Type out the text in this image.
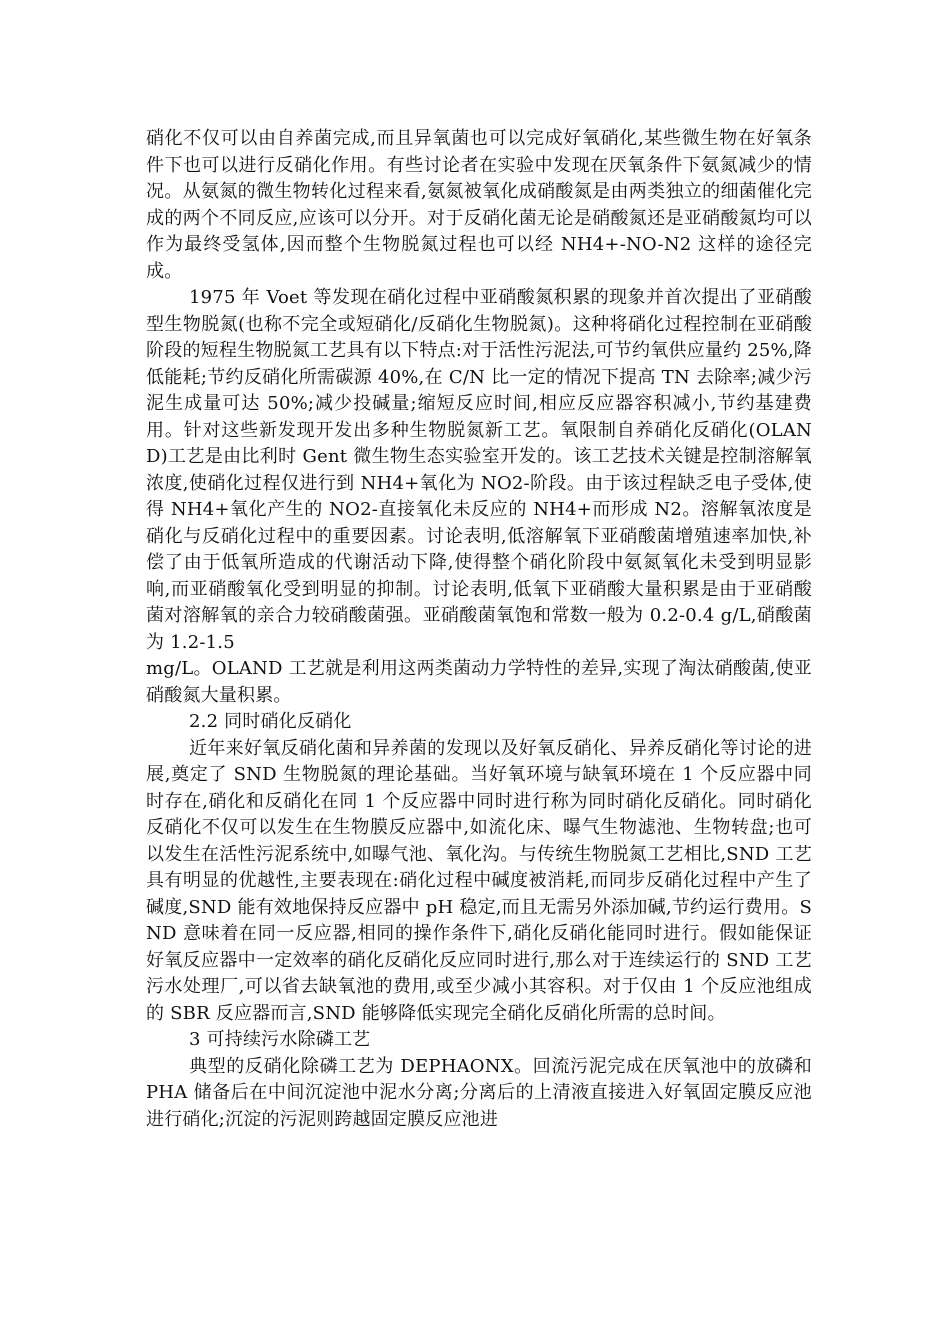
硝化不仅可以由自养菌完成,而且异氧菌也可以完成好氧硝化,某些微生物在好氧条件下也可以进行反硝化作用。有些讨论者在实验中发现在厌氧条件下氨氮减少的情况。从氨氮的微生物转化过程来看,氨氮被氧化成硝酸氮是由两类独立的细菌催化完成的两个不同反应,应该可以分开。对于反硝化菌无论是硝酸氮还是亚硝酸氮均可以作为最终受氢体,因而整个生物脱氮过程也可以经 NH4+-NO-N2 这样的途径完成。

1975 年 Voet 等发现在硝化过程中亚硝酸氮积累的现象并首次提出了亚硝酸型生物脱氮(也称不完全或短硝化/反硝化生物脱氮)。这种将硝化过程控制在亚硝酸阶段的短程生物脱氮工艺具有以下特点:对于活性污泥法,可节约氧供应量约 25%,降低能耗;节约反硝化所需碳源 40%,在 C/N 比一定的情况下提高 TN 去除率;减少污泥生成量可达 50%;减少投碱量;缩短反应时间,相应反应器容积减小,节约基建费用。针对这些新发现开发出多种生物脱氮新工艺。氧限制自养硝化反硝化(OLAND)工艺是由比利时 Gent 微生物生态实验室开发的。该工艺技术关键是控制溶解氧浓度,使硝化过程仅进行到 NH4+氧化为 NO2-阶段。由于该过程缺乏电子受体,使得 NH4+氧化产生的 NO2-直接氧化未反应的 NH4+而形成 N2。溶解氧浓度是硝化与反硝化过程中的重要因素。讨论表明,低溶解氧下亚硝酸菌增殖速率加快,补偿了由于低氧所造成的代谢活动下降,使得整个硝化阶段中氨氮氧化未受到明显影响,而亚硝酸氧化受到明显的抑制。讨论表明,低氧下亚硝酸大量积累是由于亚硝酸菌对溶解氧的亲合力较硝酸菌强。亚硝酸菌氧饱和常数一般为 0.2-0.4 g/L,硝酸菌为 1.2-1.5
mg/L。OLAND 工艺就是利用这两类菌动力学特性的差异,实现了淘汰硝酸菌,使亚硝酸氮大量积累。

2.2 同时硝化反硝化

近年来好氧反硝化菌和异养菌的发现以及好氧反硝化、异养反硝化等讨论的进展,奠定了 SND 生物脱氮的理论基础。当好氧环境与缺氧环境在 1 个反应器中同时存在,硝化和反硝化在同 1 个反应器中同时进行称为同时硝化反硝化。同时硝化反硝化不仅可以发生在生物膜反应器中,如流化床、曝气生物滤池、生物转盘;也可以发生在活性污泥系统中,如曝气池、氧化沟。与传统生物脱氮工艺相比,SND 工艺具有明显的优越性,主要表现在:硝化过程中碱度被消耗,而同步反硝化过程中产生了碱度,SND 能有效地保持反应器中 pH 稳定,而且无需另外添加碱,节约运行费用。SND 意味着在同一反应器,相同的操作条件下,硝化反硝化能同时进行。假如能保证好氧反应器中一定效率的硝化反硝化反应同时进行,那么对于连续运行的 SND 工艺污水处理厂,可以省去缺氧池的费用,或至少减小其容积。对于仅由 1 个反应池组成的 SBR 反应器而言,SND 能够降低实现完全硝化反硝化所需的总时间。

3 可持续污水除磷工艺

典型的反硝化除磷工艺为 DEPHAONX。回流污泥完成在厌氧池中的放磷和 PHA 储备后在中间沉淀池中泥水分离;分离后的上清液直接进入好氧固定膜反应池进行硝化;沉淀的污泥则跨越固定膜反应池进
